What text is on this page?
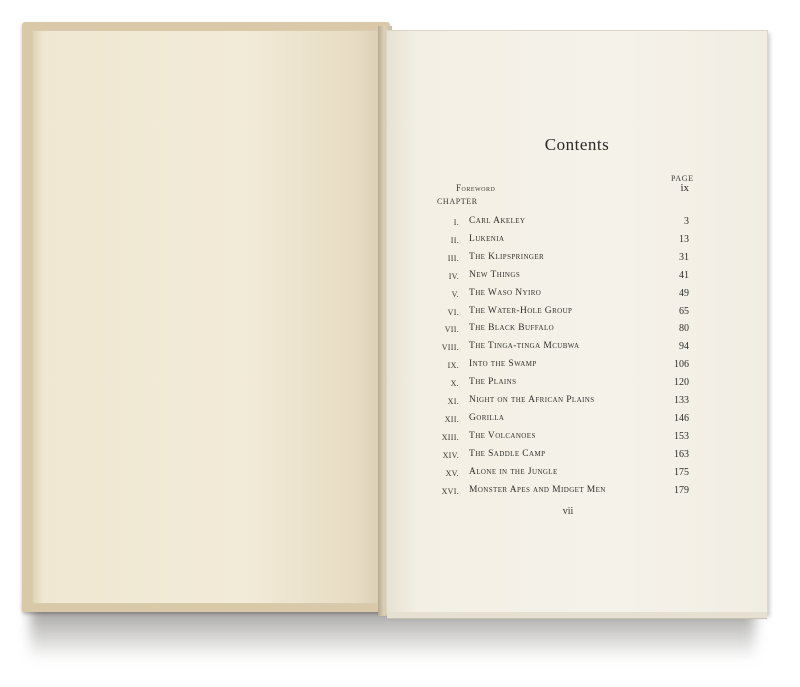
Contents
PAGE
Foreword	ix
CHAPTER
I. Carl Akeley	3
II. Lukenia	13
III. The Klipspringer	31
IV. New Things	41
V. The Waso Nyiro	49
VI. The Water-Hole Group	65
VII. The Black Buffalo	80
VIII. The Tinga-tinga Mcubwa	94
IX. Into the Swamp	106
X. The Plains	120
XI. Night on the African Plains	133
XII. Gorilla	146
XIII. The Volcanoes	153
XIV. The Saddle Camp	163
XV. Alone in the Jungle	175
XVI. Monster Apes and Midget Men	179
vii
